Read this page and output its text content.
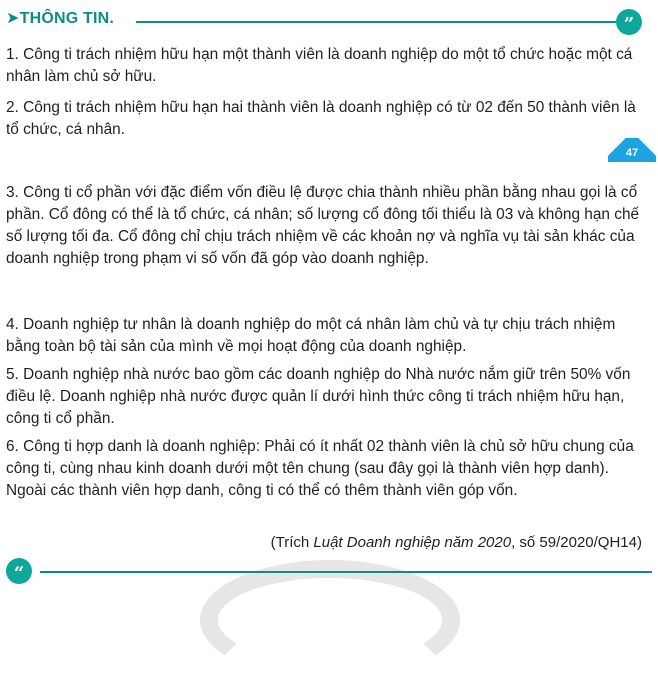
➤THÔNG TIN.	”

1. Công ti trách nhiệm hữu hạn một thành viên là doanh nghiệp do một tổ chức hoặc một cá nhân làm chủ sở hữu.

2. Công ti trách nhiệm hữu hạn hai thành viên là doanh nghiệp có từ 02 đến 50 thành viên là tổ chức, cá nhân.

47

3. Công ti cổ phần với đặc điểm vốn điều lệ được chia thành nhiều phần bằng nhau gọi là cổ phần. Cổ đông có thể là tổ chức, cá nhân; số lượng cổ đông tối thiểu là 03 và không hạn chế số lượng tối đa. Cổ đông chỉ chịu trách nhiệm về các khoản nợ và nghĩa vụ tài sản khác của doanh nghiệp trong phạm vi số vốn đã góp vào doanh nghiệp.

4. Doanh nghiệp tư nhân là doanh nghiệp do một cá nhân làm chủ và tự chịu trách nhiệm bằng toàn bộ tài sản của mình về mọi hoạt động của doanh nghiệp.

5. Doanh nghiệp nhà nước bao gồm các doanh nghiệp do Nhà nước nắm giữ trên 50% vốn điều lệ. Doanh nghiệp nhà nước được quản lí dưới hình thức công ti trách nhiệm hữu hạn, công ti cổ phần.

6. Công ti hợp danh là doanh nghiệp: Phải có ít nhất 02 thành viên là chủ sở hữu chung của công ti, cùng nhau kinh doanh dưới một tên chung (sau đây gọi là thành viên hợp danh). Ngoài các thành viên hợp danh, công ti có thể có thêm thành viên góp vốn.

(Trích Luật Doanh nghiệp năm 2020, số 59/2020/QH14)
“
